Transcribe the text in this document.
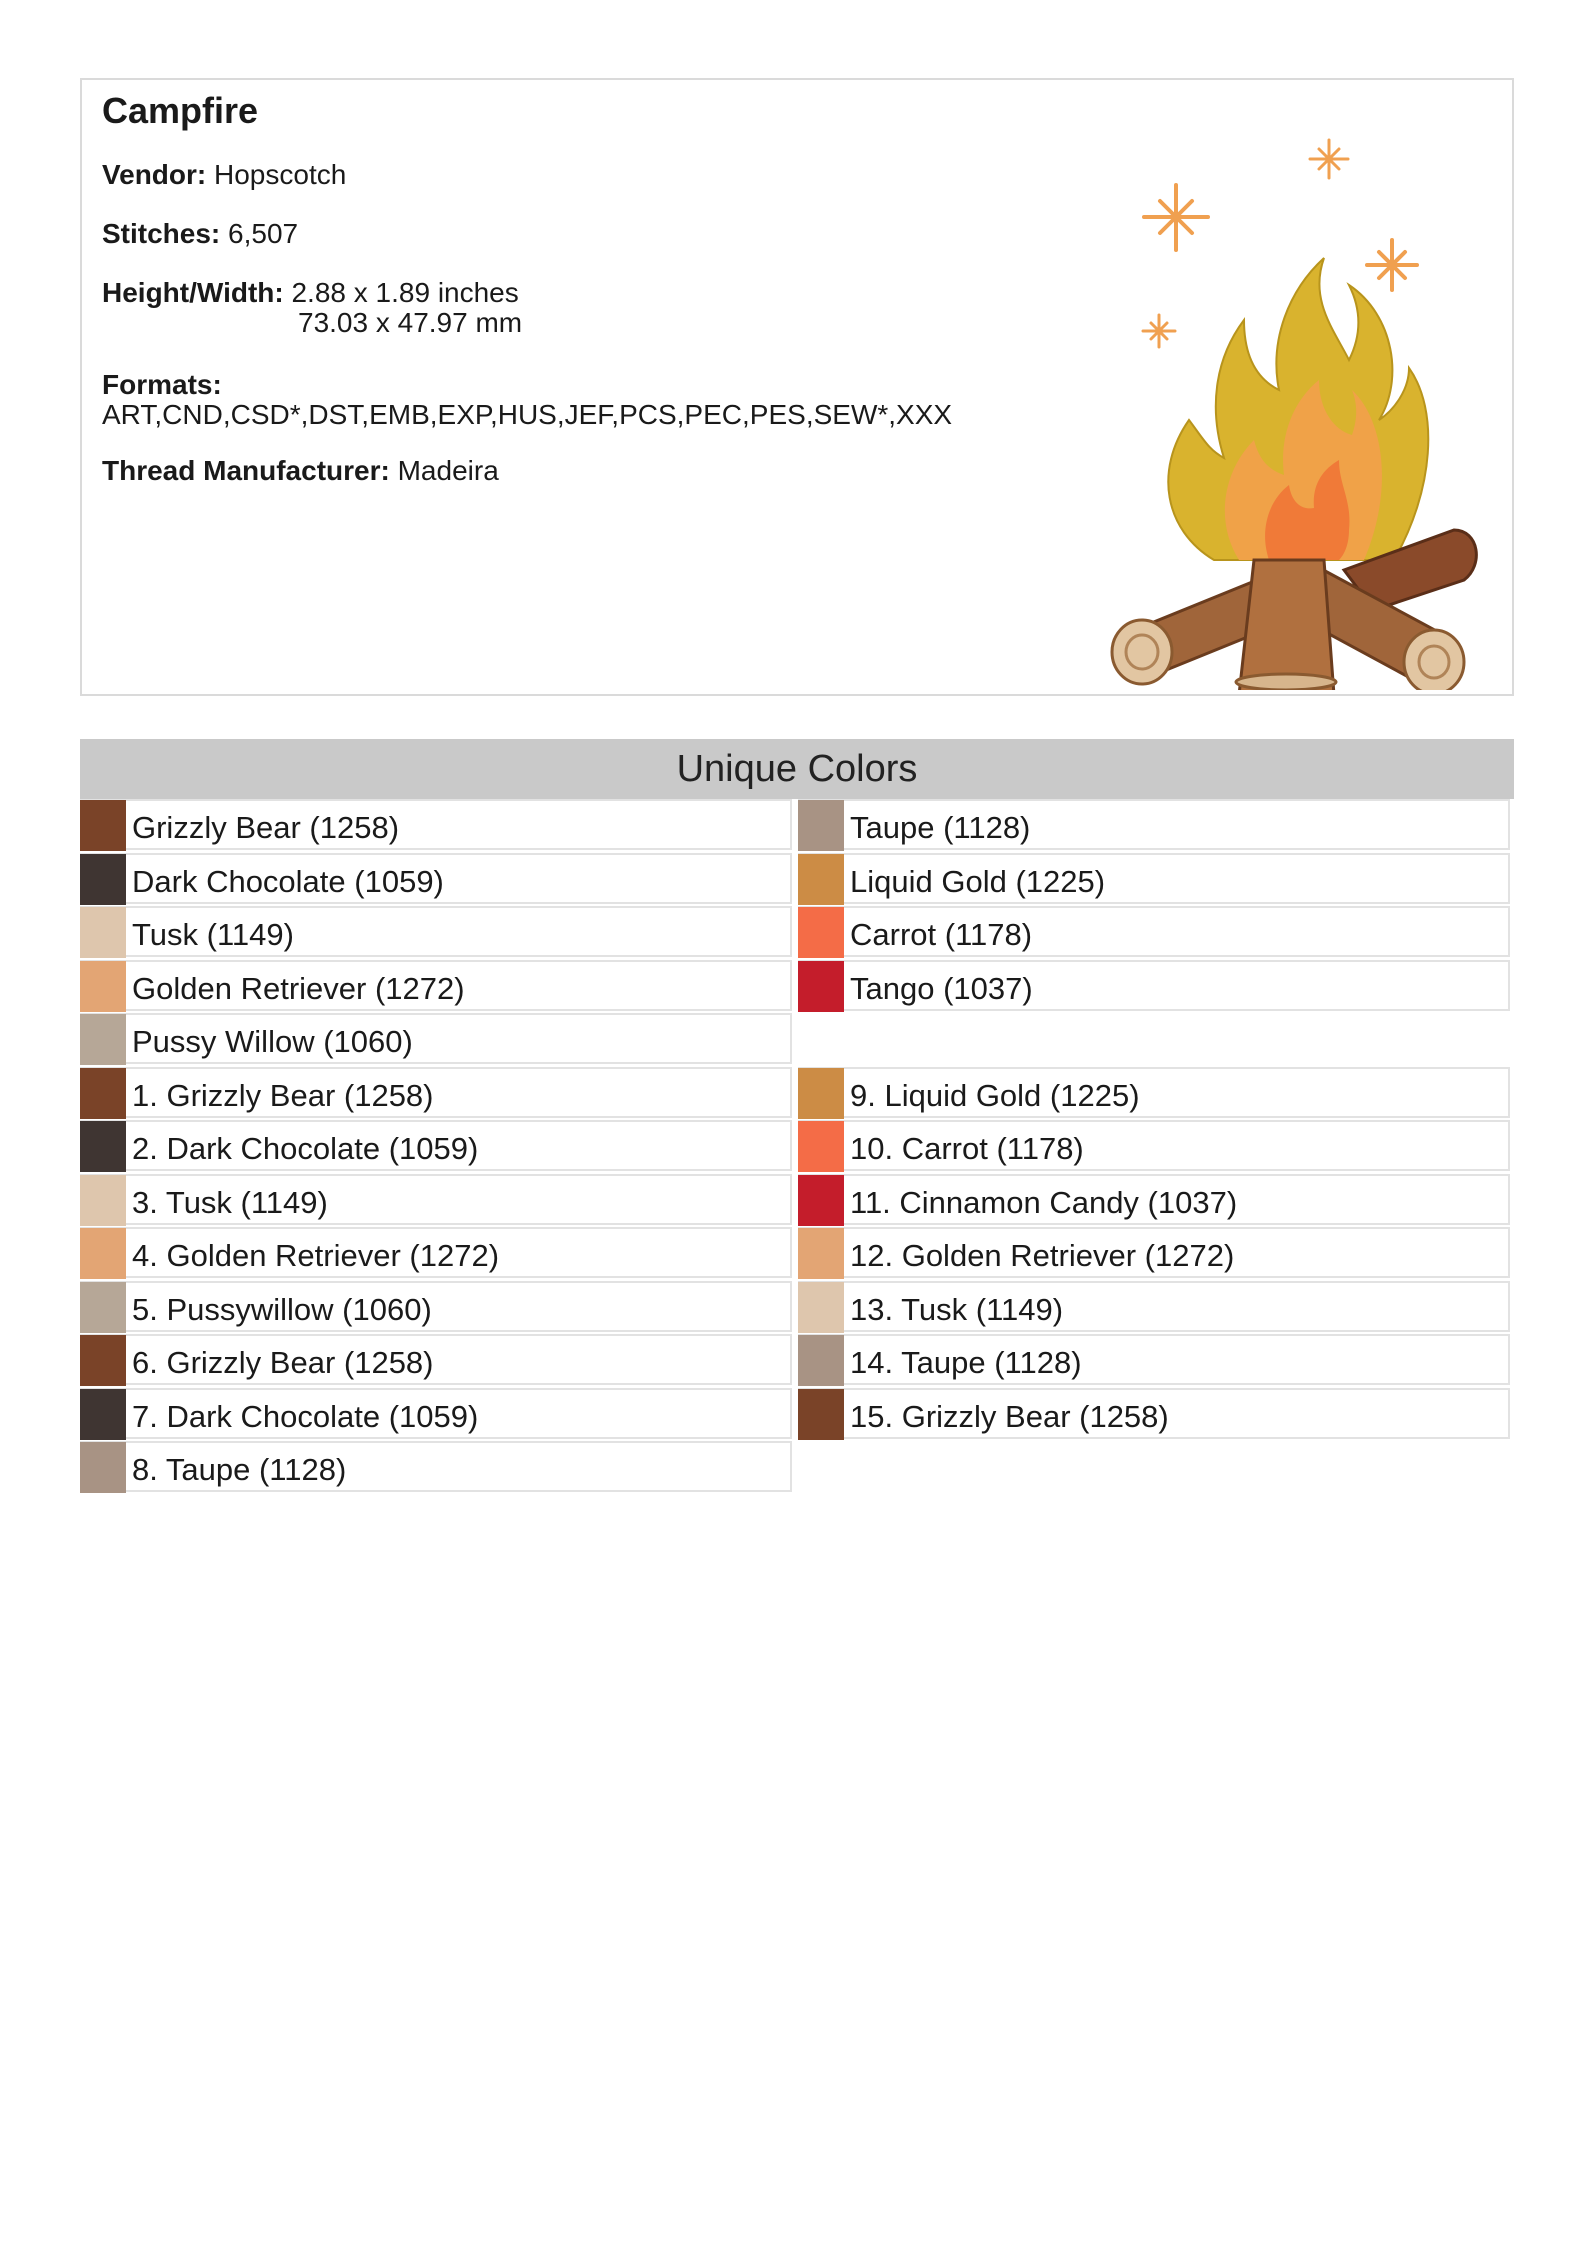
Campfire
Vendor: Hopscotch
Stitches: 6,507
Height/Width: 2.88 x 1.89 inches
73.03 x 47.97 mm
Formats:
ART,CND,CSD*,DST,EMB,EXP,HUS,JEF,PCS,PEC,PES,SEW*,XXX
Thread Manufacturer: Madeira
Unique Colors
Grizzly Bear (1258)
Dark Chocolate (1059)
Tusk (1149)
Golden Retriever (1272)
Pussy Willow (1060)
1. Grizzly Bear (1258)
2. Dark Chocolate (1059)
3. Tusk (1149)
4. Golden Retriever (1272)
5. Pussywillow (1060)
6. Grizzly Bear (1258)
7. Dark Chocolate (1059)
8. Taupe (1128)
Taupe (1128)
Liquid Gold (1225)
Carrot (1178)
Tango (1037)
9. Liquid Gold (1225)
10. Carrot (1178)
11. Cinnamon Candy (1037)
12. Golden Retriever (1272)
13. Tusk (1149)
14. Taupe (1128)
15. Grizzly Bear (1258)
